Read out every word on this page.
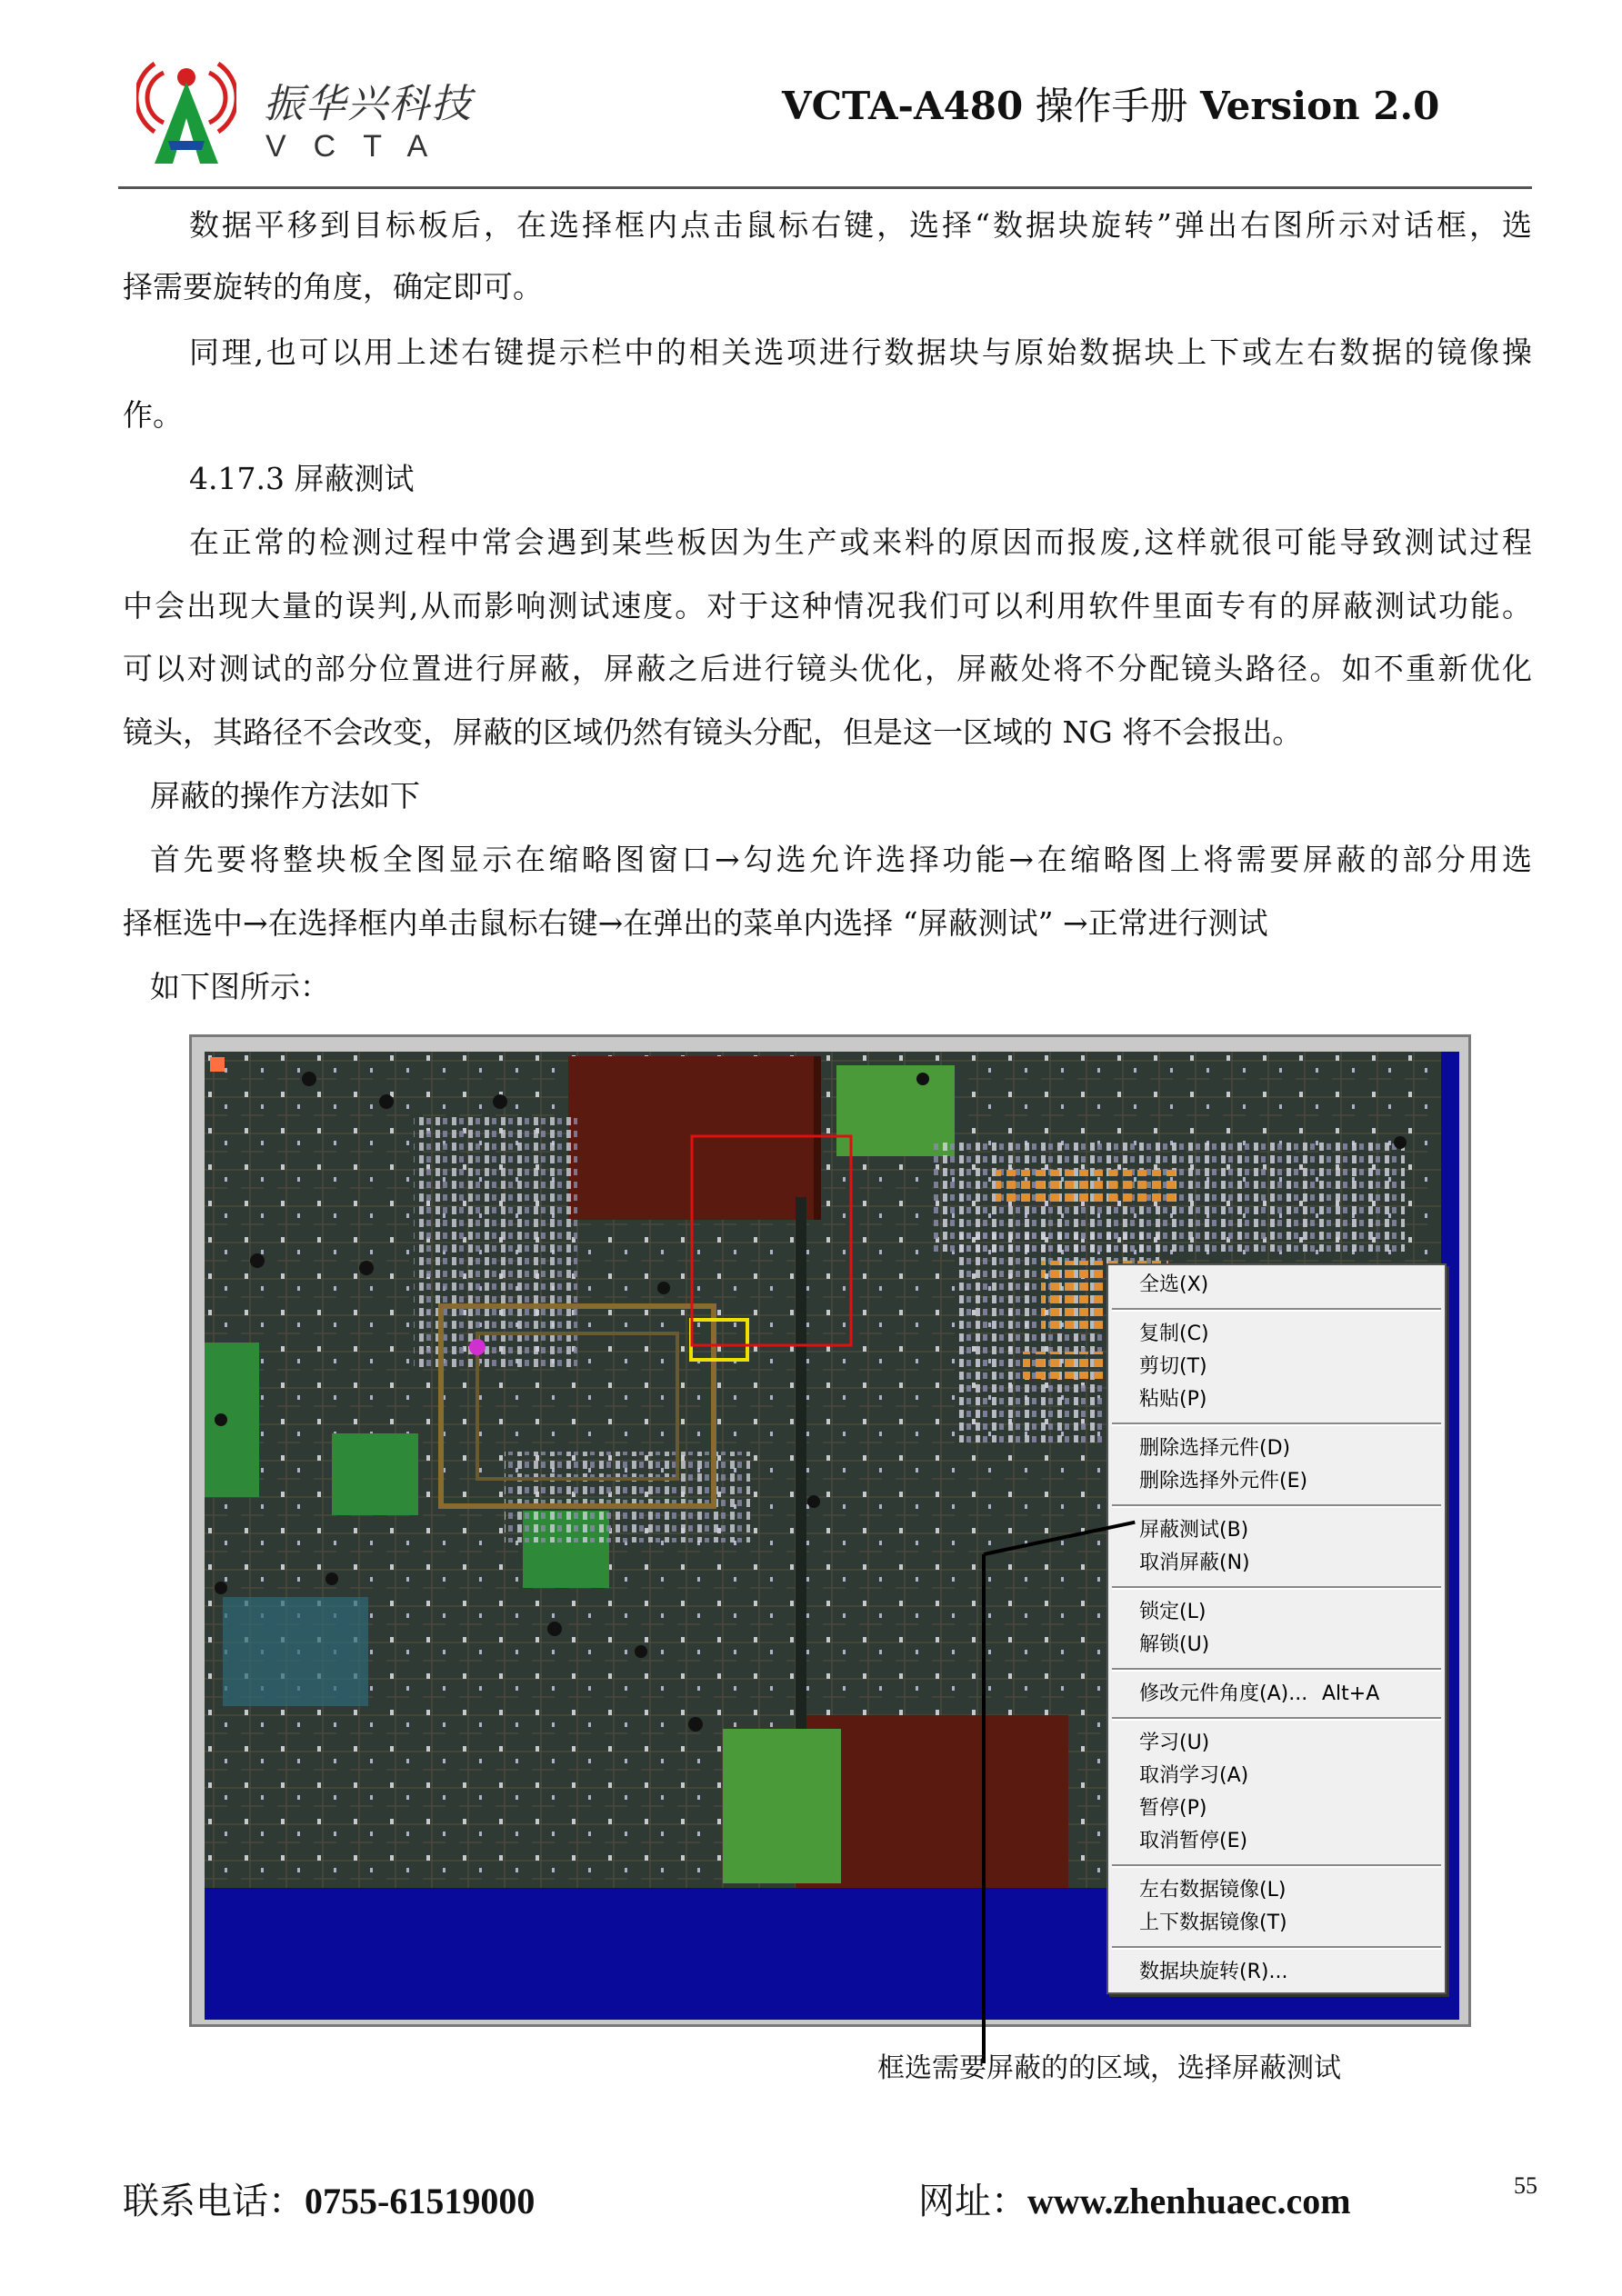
振华兴科技
VCTA
VCTA-A480 操作手册 Version 2.0
数据平移到目标板后，在选择框内点击鼠标右键，选择“数据块旋转”弹出右图所示对话框，选
择需要旋转的角度，确定即可。
同理,也可以用上述右键提示栏中的相关选项进行数据块与原始数据块上下或左右数据的镜像操
作。
4.17.3 屏蔽测试
在正常的检测过程中常会遇到某些板因为生产或来料的原因而报废,这样就很可能导致测试过程
中会出现大量的误判,从而影响测试速度。对于这种情况我们可以利用软件里面专有的屏蔽测试功能。
可以对测试的部分位置进行屏蔽，屏蔽之后进行镜头优化，屏蔽处将不分配镜头路径。如不重新优化
镜头，其路径不会改变，屏蔽的区域仍然有镜头分配，但是这一区域的 NG 将不会报出。
屏蔽的操作方法如下
首先要将整块板全图显示在缩略图窗口→勾选允许选择功能→在缩略图上将需要屏蔽的部分用选
择框选中→在选择框内单击鼠标右键→在弹出的菜单内选择 “屏蔽测试” →正常进行测试
如下图所示：
全选(X)
复制(C)
剪切(T)
粘贴(P)
删除选择元件(D)
删除选择外元件(E)
屏蔽测试(B)
取消屏蔽(N)
锁定(L)
解锁(U)
修改元件角度(A)... Alt+A
学习(U)
取消学习(A)
暂停(P)
取消暂停(E)
左右数据镜像(L)
上下数据镜像(T)
数据块旋转(R)...
框选需要屏蔽的的区域，选择屏蔽测试
联系电话：0755-61519000	网址：www.zhenhuaec.com	55
